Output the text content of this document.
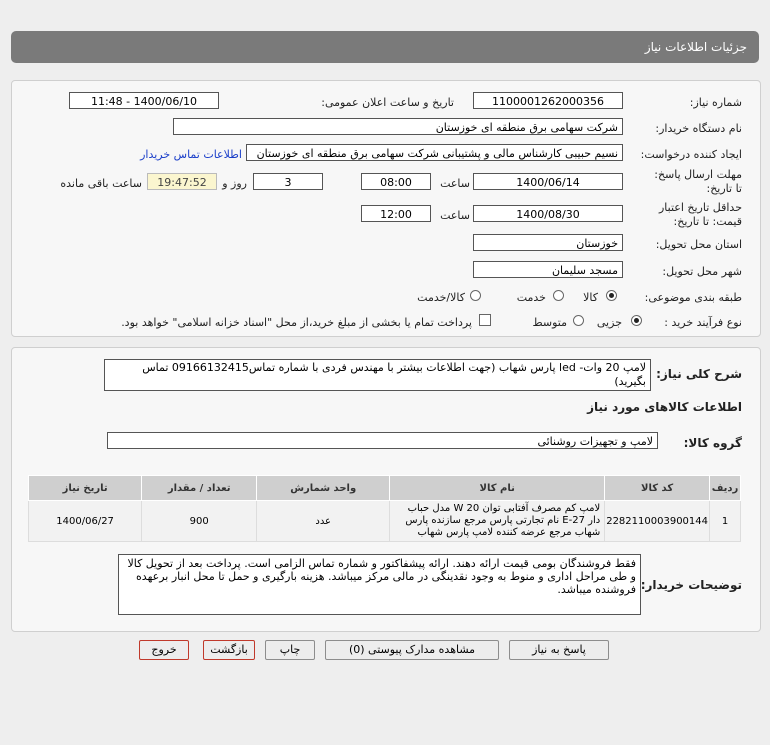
جزئیات اطلاعات نیاز
شماره نیاز:
1100001262000356
تاریخ و ساعت اعلان عمومی:
1400/06/10 - 11:48
نام دستگاه خریدار:
شرکت سهامی برق منطقه ای خوزستان
ایجاد کننده درخواست:
نسیم حبیبی کارشناس مالی و پشتیبانی شرکت سهامی برق منطقه ای خوزستان
اطلاعات تماس خریدار
مهلت ارسال پاسخ: تا تاریخ:
1400/06/14
ساعت
08:00
3
روز و
19:47:52
ساعت باقی مانده
حداقل تاریخ اعتبار قیمت: تا تاریخ:
1400/08/30
ساعت
12:00
استان محل تحویل:
خوزستان
شهر محل تحویل:
مسجد سلیمان
طبقه بندی موضوعی:
کالا
خدمت
کالا/خدمت
نوع فرآیند خرید :
جزیی
متوسط
پرداخت تمام یا بخشی از مبلغ خرید،از محل "اسناد خزانه اسلامی" خواهد بود.
شرح کلی نیاز:
لامپ 20 وات- led پارس شهاب (جهت اطلاعات بیشتر با مهندس فردی با شماره تماس09166132415 تماس بگیرید)
اطلاعات کالاهای مورد نیاز
گروه کالا:
لامپ و تجهیزات روشنائی
ردیف	کد کالا	نام کالا	واحد شمارش	تعداد / مقدار	تاریخ نیاز
1	2282110003900144	لامپ کم مصرف آفتابی توان 20 W مدل حباب دار E-27 نام تجارتی پارس مرجع سازنده پارس شهاب مرجع عرضه کننده لامپ پارس شهاب	عدد	900	1400/06/27
توضیحات خریدار:
فقط فروشندگان بومی قیمت ارائه دهند. ارائه پیشفاکتور و شماره تماس الزامی است. پرداخت بعد از تحویل کالا و طی مراحل اداری و منوط به وجود نقدینگی در مالی مرکز میباشد. هزینه بارگیری و حمل تا محل انبار برعهده فروشنده میباشد.
پاسخ به نیاز
مشاهده مدارک پیوستی (0)
چاپ
بازگشت
خروج
